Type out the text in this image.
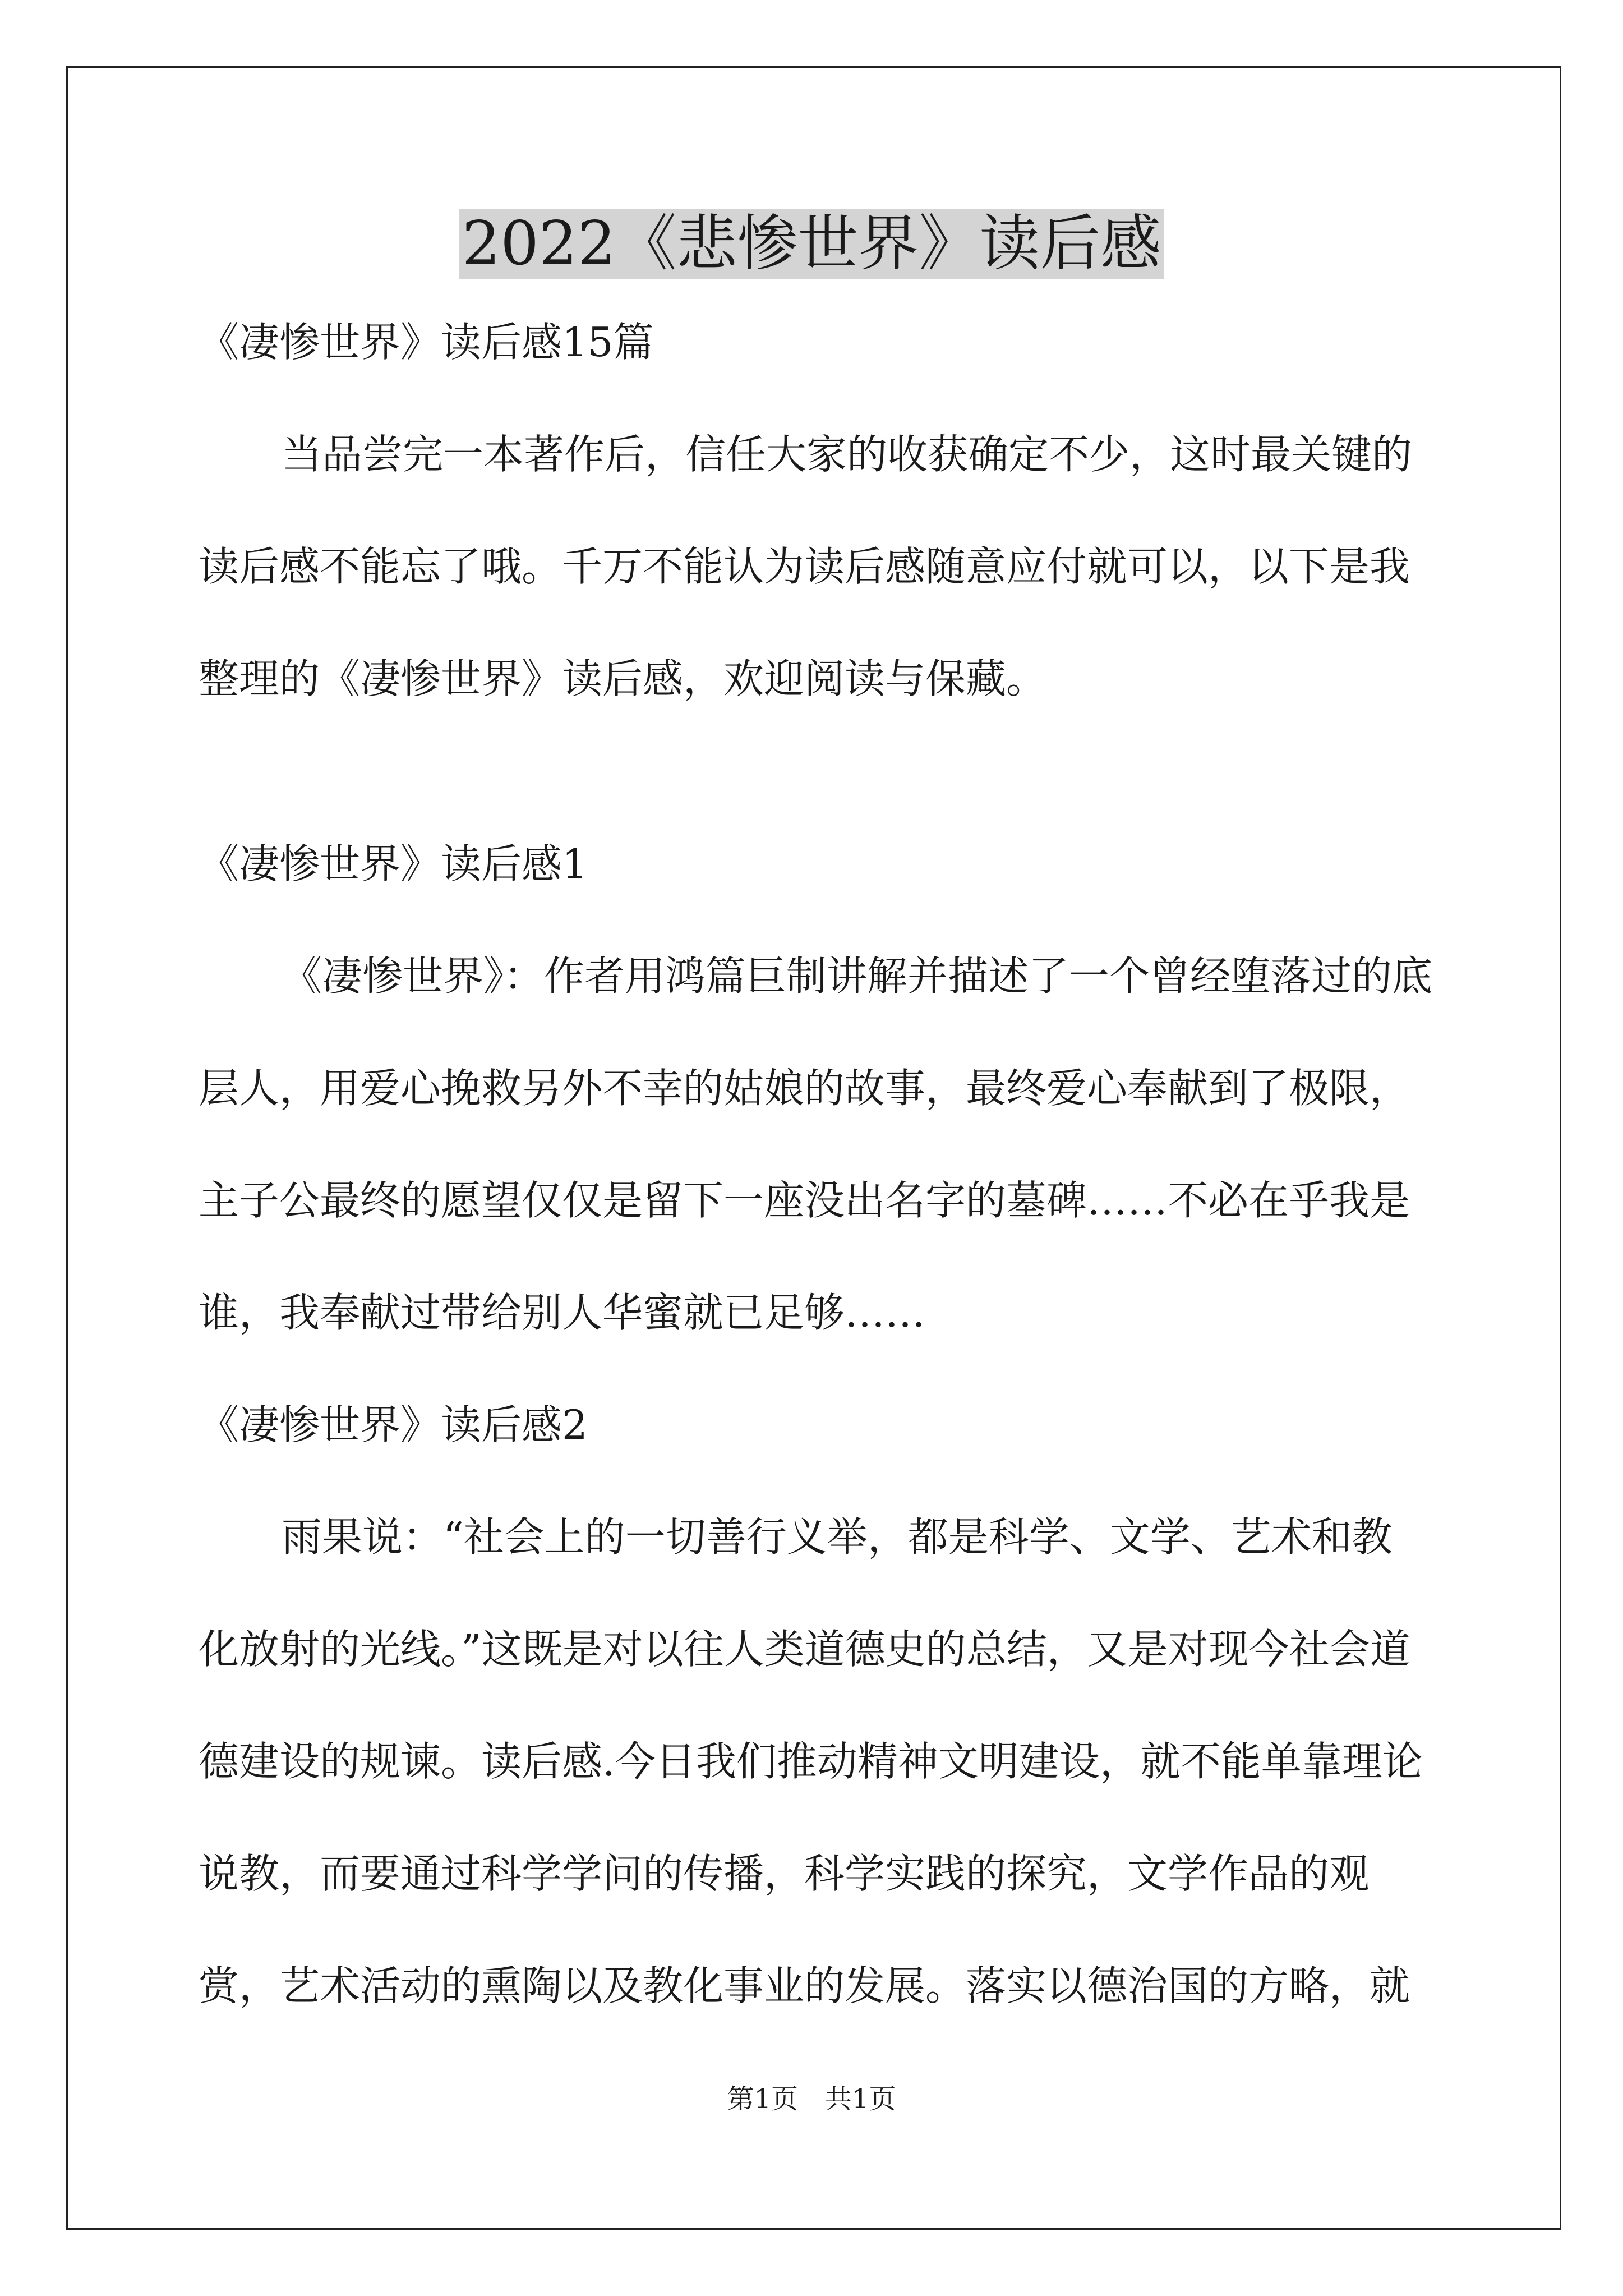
2022《悲惨世界》读后感

《凄惨世界》读后感15篇

当品尝完一本著作后，信任大家的收获确定不少，这时最关键的读后感不能忘了哦。千万不能认为读后感随意应付就可以，以下是我整理的《凄惨世界》读后感，欢迎阅读与保藏。

《凄惨世界》读后感1

《凄惨世界》：作者用鸿篇巨制讲解并描述了一个曾经堕落过的底层人，用爱心挽救另外不幸的姑娘的故事，最终爱心奉献到了极限，主子公最终的愿望仅仅是留下一座没出名字的墓碑……不必在乎我是谁，我奉献过带给别人华蜜就已足够……

《凄惨世界》读后感2

雨果说：“社会上的一切善行义举，都是科学、文学、艺术和教化放射的光线。”这既是对以往人类道德史的总结，又是对现今社会道德建设的规谏。读后感.今日我们推动精神文明建设，就不能单靠理论说教，而要通过科学学问的传播，科学实践的探究，文学作品的观赏，艺术活动的熏陶以及教化事业的发展。落实以德治国的方略，就

第1页　共1页
